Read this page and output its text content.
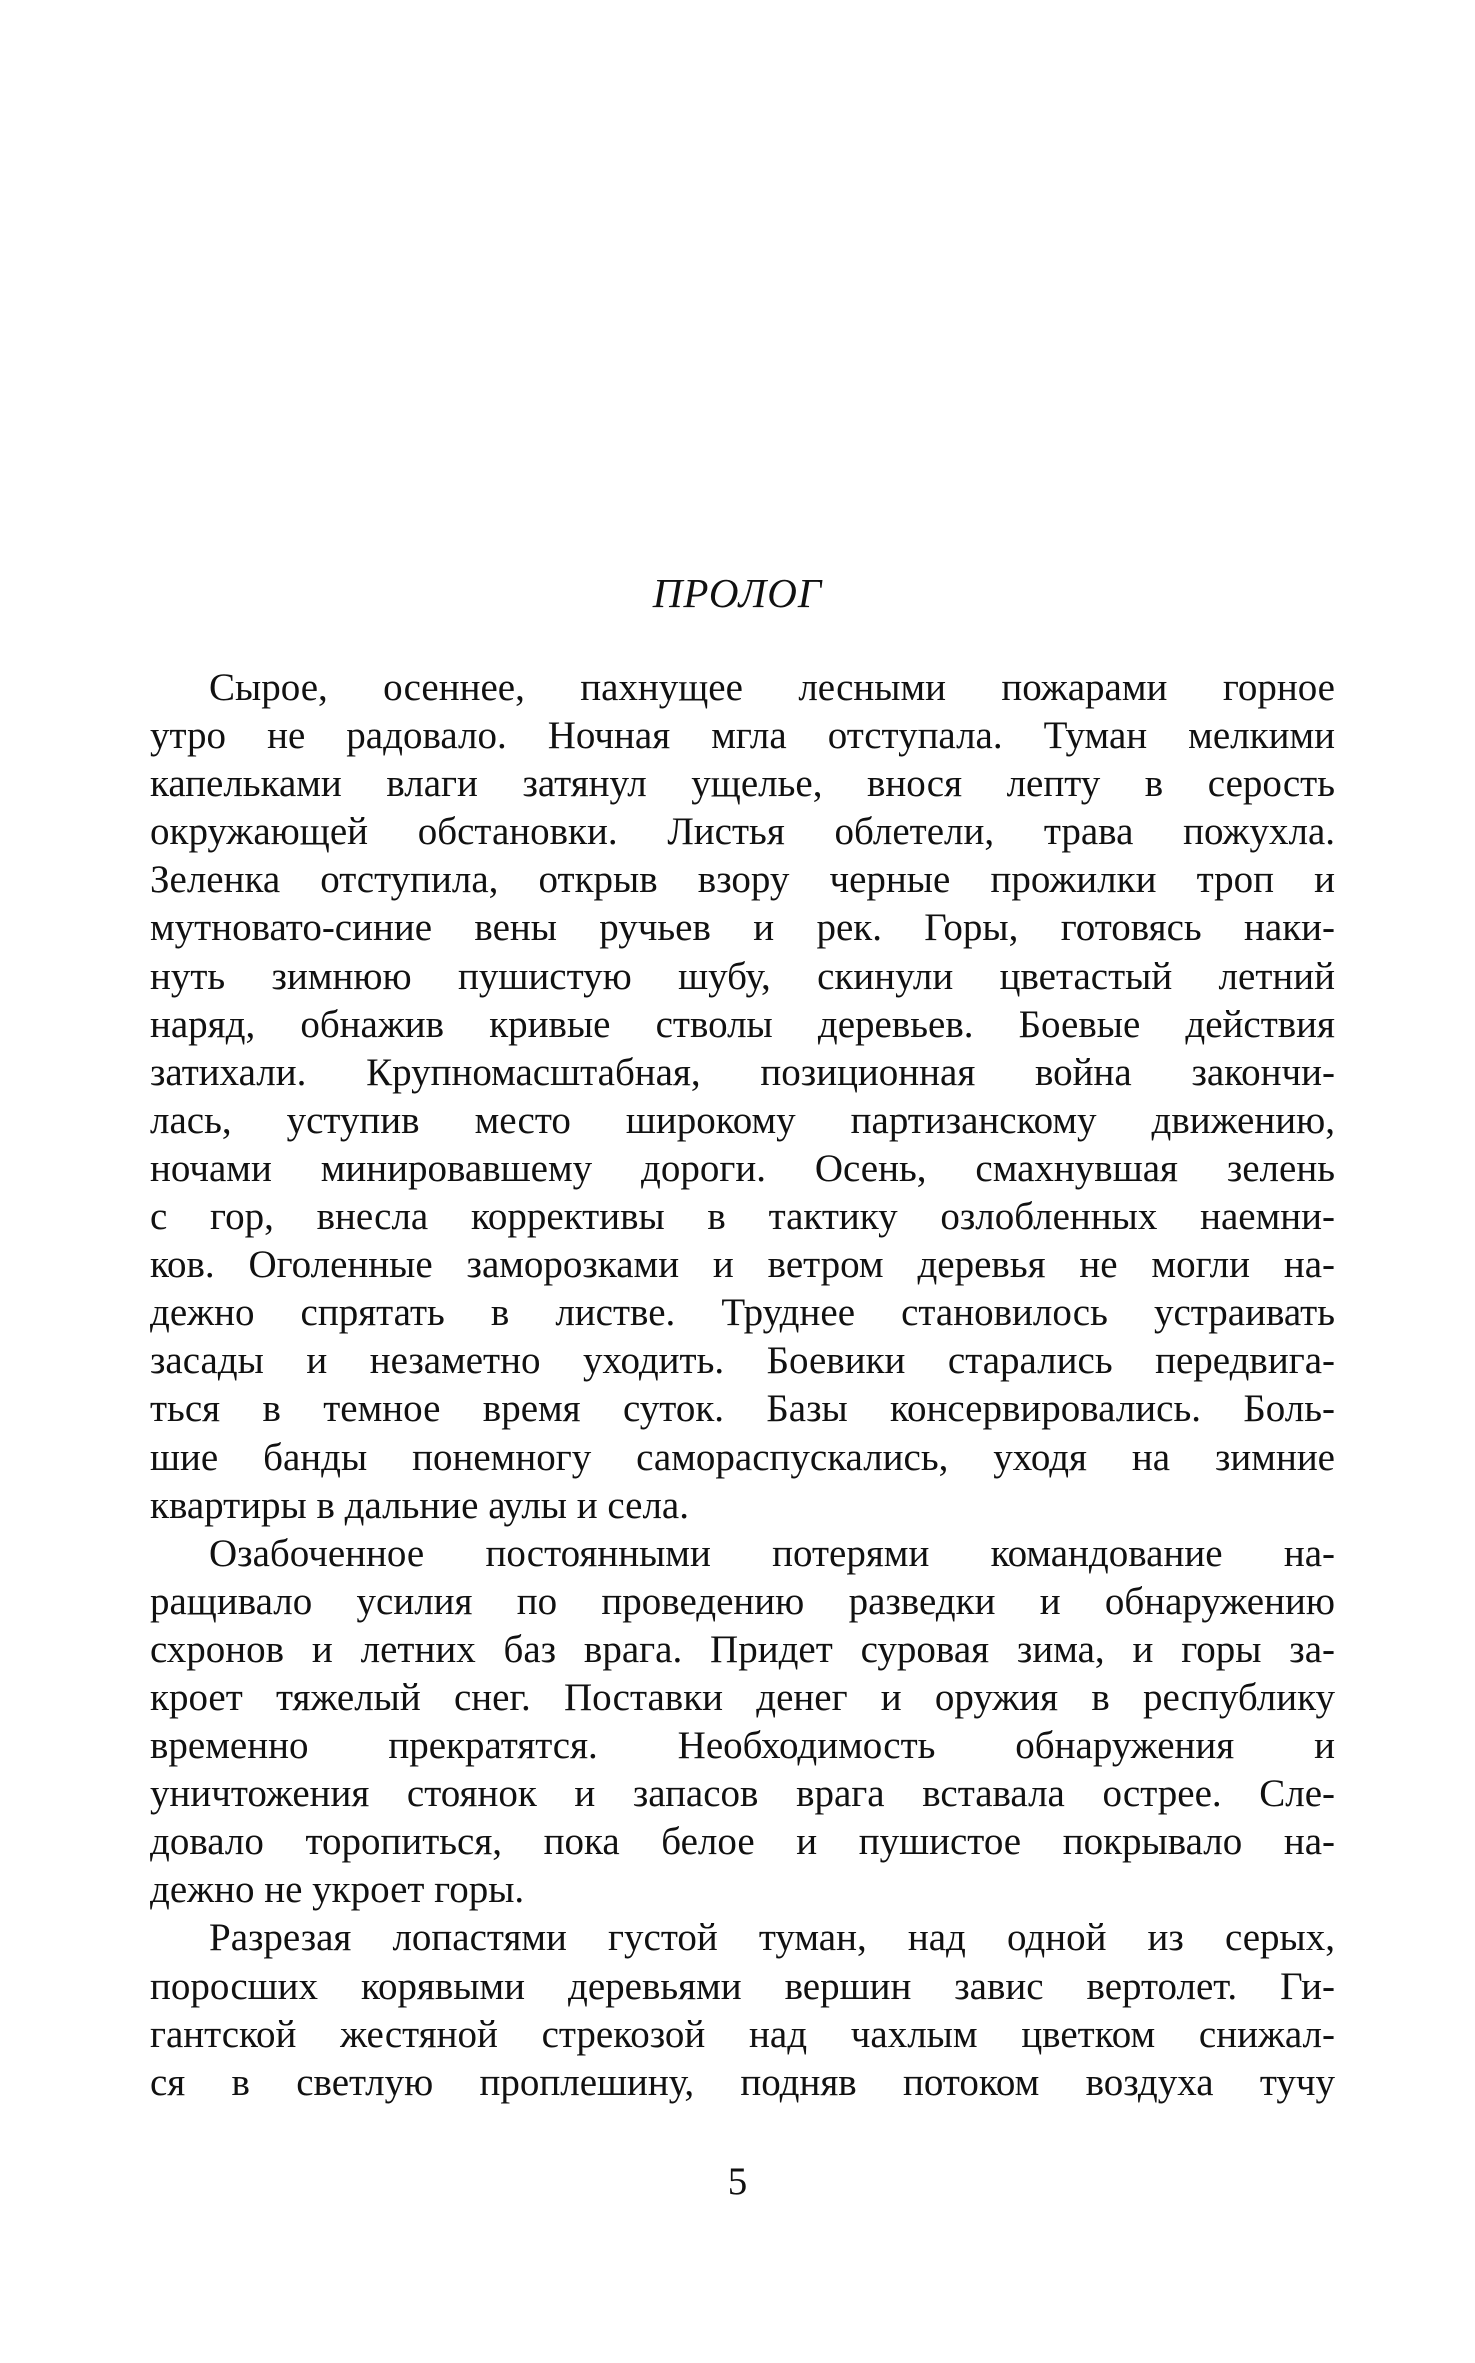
ПРОЛОГ
Сырое, осеннее, пахнущее лесными пожарами горное
утро не радовало. Ночная мгла отступала. Туман мелкими
капельками влаги затянул ущелье, внося лепту в серость
окружающей обстановки. Листья облетели, трава пожухла.
Зеленка отступила, открыв взору черные прожилки троп и
мутновато-синие вены ручьев и рек. Горы, готовясь наки-
нуть зимнюю пушистую шубу, скинули цветастый летний
наряд, обнажив кривые стволы деревьев. Боевые действия
затихали. Крупномасштабная, позиционная война закончи-
лась, уступив место широкому партизанскому движению,
ночами минировавшему дороги. Осень, смахнувшая зелень
с гор, внесла коррективы в тактику озлобленных наемни-
ков. Оголенные заморозками и ветром деревья не могли на-
дежно спрятать в листве. Труднее становилось устраивать
засады и незаметно уходить. Боевики старались передвига-
ться в темное время суток. Базы консервировались. Боль-
шие банды понемногу самораспускались, уходя на зимние
квартиры в дальние аулы и села.
Озабоченное постоянными потерями командование на-
ращивало усилия по проведению разведки и обнаружению
схронов и летних баз врага. Придет суровая зима, и горы за-
кроет тяжелый снег. Поставки денег и оружия в республику
временно прекратятся. Необходимость обнаружения и
уничтожения стоянок и запасов врага вставала острее. Сле-
довало торопиться, пока белое и пушистое покрывало на-
дежно не укроет горы.
Разрезая лопастями густой туман, над одной из серых,
поросших корявыми деревьями вершин завис вертолет. Ги-
гантской жестяной стрекозой над чахлым цветком снижал-
ся в светлую проплешину, подняв потоком воздуха тучу
5
